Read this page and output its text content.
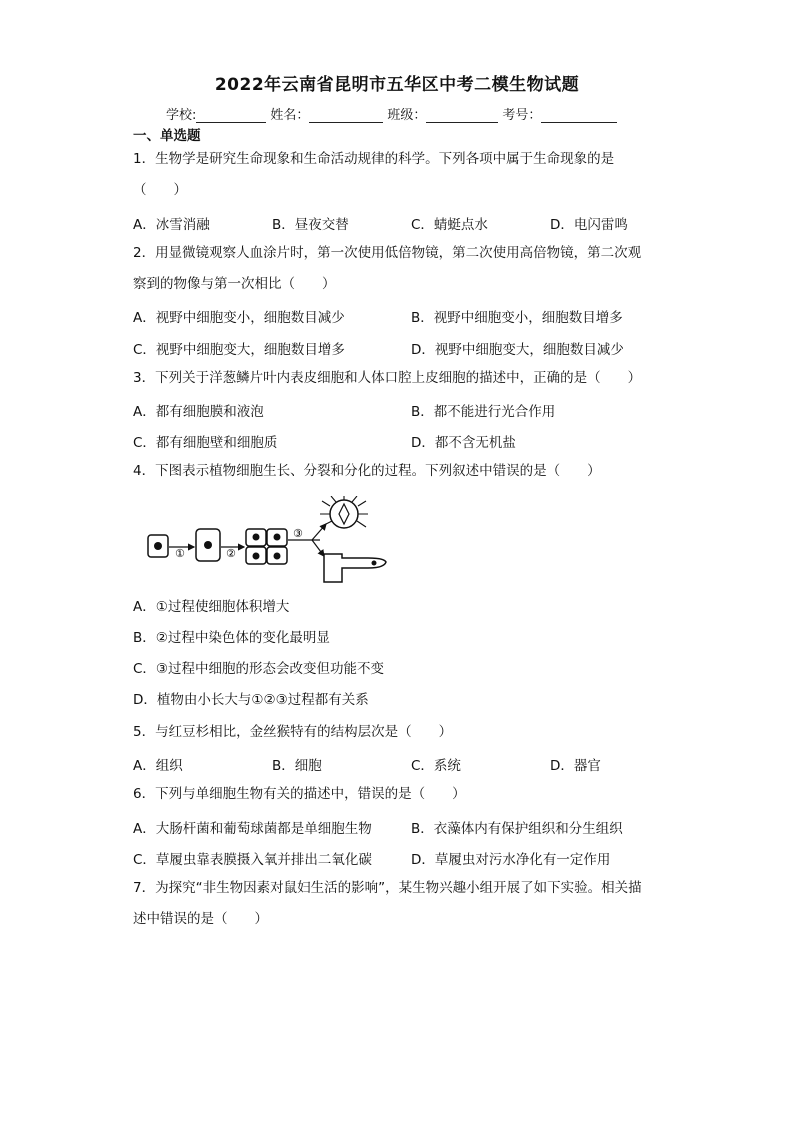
2022年云南省昆明市五华区中考二模生物试题
学校:	姓名：	班级：	考号：
一、单选题
1．生物学是研究生命现象和生命活动规律的科学。下列各项中属于生命现象的是
（　　）
A．冰雪消融	B．昼夜交替	C．蜻蜓点水	D．电闪雷鸣
2．用显微镜观察人血涂片时，第一次使用低倍物镜，第二次使用高倍物镜，第二次观
察到的物像与第一次相比（　　）
A．视野中细胞变小，细胞数目减少	B．视野中细胞变小，细胞数目增多
C．视野中细胞变大，细胞数目增多	D．视野中细胞变大，细胞数目减少
3．下列关于洋葱鳞片叶内表皮细胞和人体口腔上皮细胞的描述中，正确的是（　　）
A．都有细胞膜和液泡	B．都不能进行光合作用
C．都有细胞壁和细胞质	D．都不含无机盐
4．下图表示植物细胞生长、分裂和分化的过程。下列叙述中错误的是（　　）
①	②
③
A．①过程使细胞体积增大
B．②过程中染色体的变化最明显
C．③过程中细胞的形态会改变但功能不变
D．植物由小长大与①②③过程都有关系
5．与红豆杉相比，金丝猴特有的结构层次是（　　）
A．组织	B．细胞	C．系统	D．器官
6．下列与单细胞生物有关的描述中，错误的是（　　）
A．大肠杆菌和葡萄球菌都是单细胞生物	B．衣藻体内有保护组织和分生组织
C．草履虫靠表膜摄入氧并排出二氧化碳	D．草履虫对污水净化有一定作用
7．为探究“非生物因素对鼠妇生活的影响”，某生物兴趣小组开展了如下实验。相关描
述中错误的是（　　）
